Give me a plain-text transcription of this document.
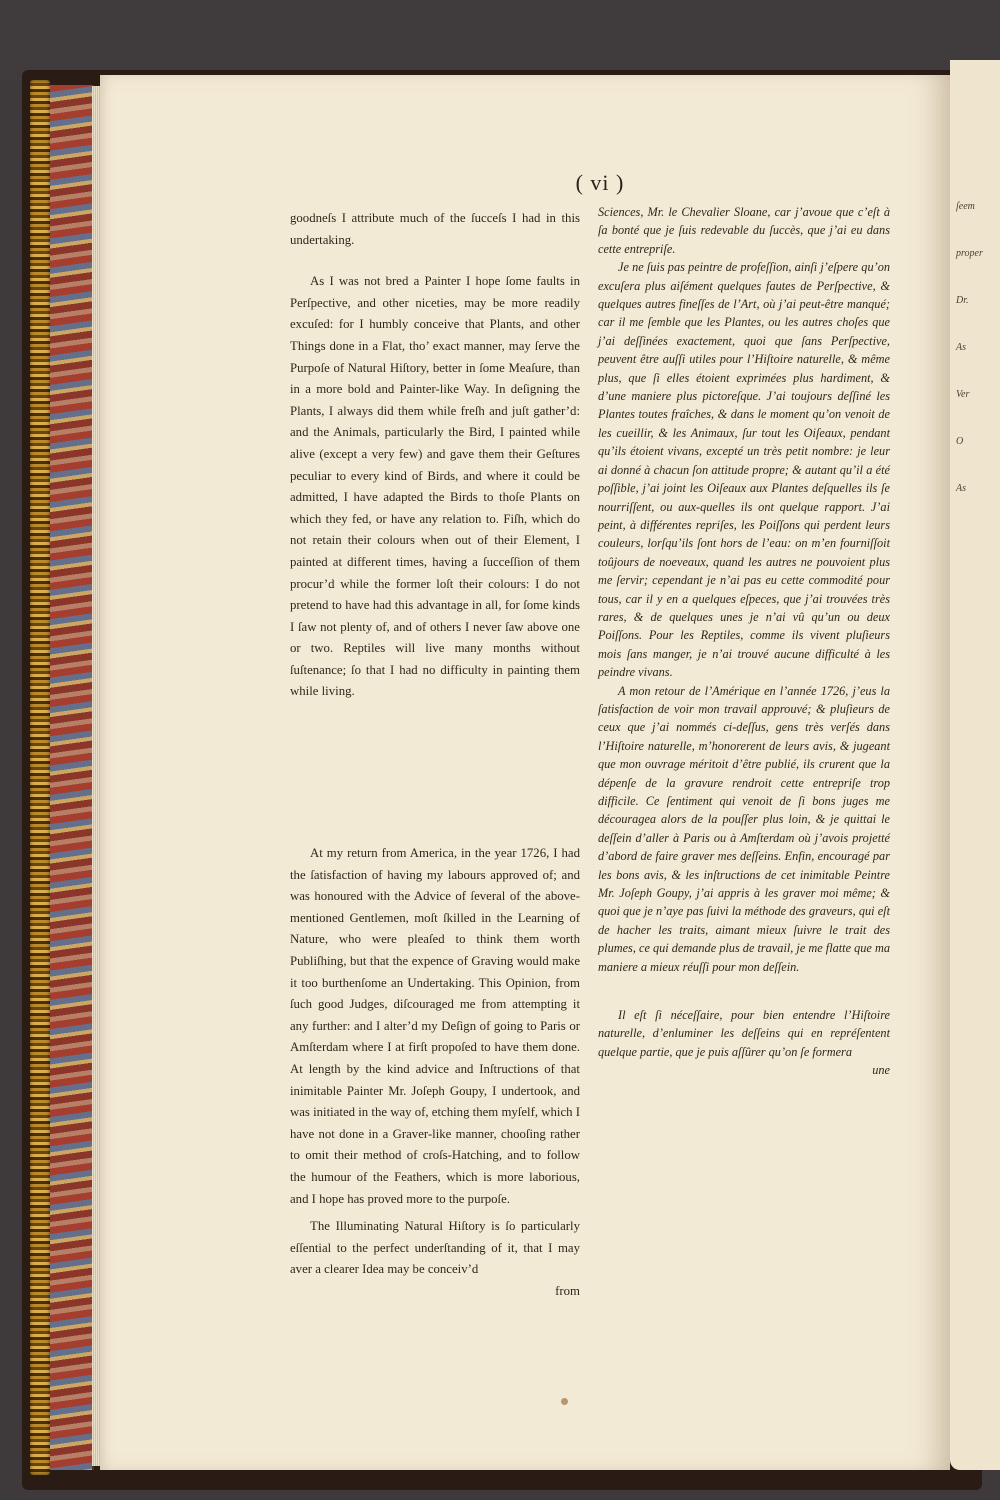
ſeem
proper
Dr.
As
Ver
O
As
( vi )

goodneſs I attribute much of the ſucceſs I had in this undertaking.

As I was not bred a Painter I hope ſome faults in Perſpective, and other niceties, may be more readily excuſed: for I humbly conceive that Plants, and other Things done in a Flat, tho’ exact manner, may ſerve the Purpoſe of Natural Hiſtory, better in ſome Meaſure, than in a more bold and Painter-like Way. In deſigning the Plants, I always did them while freſh and juſt gather’d: and the Animals, particularly the Bird, I painted while alive (except a very few) and gave them their Geſtures peculiar to every kind of Birds, and where it could be admitted, I have adapted the Birds to thoſe Plants on which they fed, or have any relation to. Fiſh, which do not retain their colours when out of their Element, I painted at different times, having a ſucceſſion of them procur’d while the former loſt their colours: I do not pretend to have had this advantage in all, for ſome kinds I ſaw not plenty of, and of others I never ſaw above one or two. Reptiles will live many months without ſuſtenance; ſo that I had no difficulty in painting them while living.

At my return from America, in the year 1726, I had the ſatisfaction of having my labours approved of; and was honoured with the Advice of ſeveral of the above-mentioned Gentlemen, moſt ſkilled in the Learning of Nature, who were pleaſed to think them worth Publiſhing, but that the expence of Graving would make it too burthenſome an Undertaking. This Opinion, from ſuch good Judges, diſcouraged me from attempting it any further: and I alter’d my Deſign of going to Paris or Amſterdam where I at firſt propoſed to have them done. At length by the kind advice and Inſtructions of that inimitable Painter Mr. Joſeph Goupy, I undertook, and was initiated in the way of, etching them myſelf, which I have not done in a Graver-like manner, chooſing rather to omit their method of croſs-Hatching, and to follow the humour of the Feathers, which is more laborious, and I hope has proved more to the purpoſe.

The Illuminating Natural Hiſtory is ſo particularly eſſential to the perfect underſtanding of it, that I may aver a clearer Idea may be conceiv’d

from

Sciences, Mr. le Chevalier Sloane, car j’avoue que c’eſt à ſa bonté que je ſuis redevable du ſuccès, que j’ai eu dans cette entrepriſe.

Je ne ſuis pas peintre de profeſſion, ainſi j’eſpere qu’on excuſera plus aiſément quelques fautes de Perſpective, & quelques autres fineſſes de l’Art, où j’ai peut-être manqué; car il me ſemble que les Plantes, ou les autres choſes que j’ai deſſinées exactement, quoi que ſans Perſpective, peuvent être auſſi utiles pour l’Hiſtoire naturelle, & même plus, que ſi elles étoient exprimées plus hardiment, & d’une maniere plus pictoreſque. J’ai toujours deſſiné les Plantes toutes fraîches, & dans le moment qu’on venoit de les cueillir, & les Animaux, ſur tout les Oiſeaux, pendant qu’ils étoient vivans, excepté un très petit nombre: je leur ai donné à chacun ſon attitude propre; & autant qu’il a été poſſible, j’ai joint les Oiſeaux aux Plantes deſquelles ils ſe nourriſſent, ou aux-quelles ils ont quelque rapport. J’ai peint, à différentes repriſes, les Poiſſons qui perdent leurs couleurs, lorſqu’ils ſont hors de l’eau: on m’en fourniſſoit toûjours de noeveaux, quand les autres ne pouvoient plus me ſervir; cependant je n’ai pas eu cette commodité pour tous, car il y en a quelques eſpeces, que j’ai trouvées très rares, & de quelques unes je n’ai vû qu’un ou deux Poiſſons. Pour les Reptiles, comme ils vivent pluſieurs mois ſans manger, je n’ai trouvé aucune difficulté à les peindre vivans.

A mon retour de l’Amérique en l’année 1726, j’eus la ſatisfaction de voir mon travail approuvé; & pluſieurs de ceux que j’ai nommés ci-deſſus, gens très verſés dans l’Hiſtoire naturelle, m’honorerent de leurs avis, & jugeant que mon ouvrage méritoit d’être publié, ils crurent que la dépenſe de la gravure rendroit cette entrepriſe trop difficile. Ce ſentiment qui venoit de ſi bons juges me découragea alors de la pouſſer plus loin, & je quittai le deſſein d’aller à Paris ou à Amſterdam où j’avois projetté d’abord de faire graver mes deſſeins. Enfin, encouragé par les bons avis, & les inſtructions de cet inimitable Peintre Mr. Joſeph Goupy, j’ai appris à les graver moi même; & quoi que je n’aye pas ſuivi la méthode des graveurs, qui eſt de hacher les traits, aimant mieux ſuivre le trait des plumes, ce qui demande plus de travail, je me flatte que ma maniere a mieux réuſſi pour mon deſſein.

Il eſt ſi néceſſaire, pour bien entendre l’Hiſtoire naturelle, d’enluminer les deſſeins qui en repréſentent quelque partie, que je puis aſſûrer qu’on ſe formera

une
